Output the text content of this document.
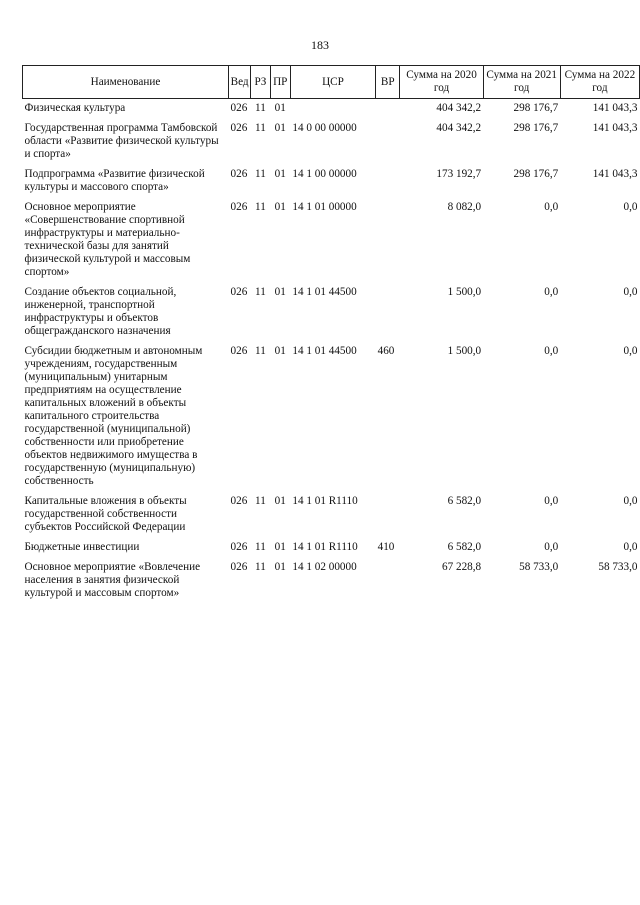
183
Наименование	Вед	РЗ	ПР	ЦСР	ВР	Сумма на 2020 год	Сумма на 2021 год	Сумма на 2022 год
Физическая культура	026	11	01			404 342,2	298 176,7	141 043,3
Государственная программа Тамбовской области «Развитие физической культуры и спорта»	026	11	01	14 0 00 00000		404 342,2	298 176,7	141 043,3
Подпрограмма «Развитие физической культуры и массового спорта»	026	11	01	14 1 00 00000		173 192,7	298 176,7	141 043,3
Основное мероприятие «Совершенствование спортивной инфраструктуры и материально-технической базы для занятий физической культурой и массовым спортом»	026	11	01	14 1 01 00000		8 082,0	0,0	0,0
Создание объектов социальной, инженерной, транспортной инфраструктуры и объектов общегражданского назначения	026	11	01	14 1 01 44500		1 500,0	0,0	0,0
Субсидии бюджетным и автономным учреждениям, государственным (муниципальным) унитарным предприятиям на осуществление капитальных вложений в объекты капитального строительства государственной (муниципальной) собственности или приобретение объектов недвижимого имущества в государственную (муниципальную) собственность	026	11	01	14 1 01 44500	460	1 500,0	0,0	0,0
Капитальные вложения в объекты государственной собственности субъектов Российской Федерации	026	11	01	14 1 01 R1110		6 582,0	0,0	0,0
Бюджетные инвестиции	026	11	01	14 1 01 R1110	410	6 582,0	0,0	0,0
Основное мероприятие «Вовлечение населения в занятия физической культурой и массовым спортом»	026	11	01	14 1 02 00000		67 228,8	58 733,0	58 733,0
